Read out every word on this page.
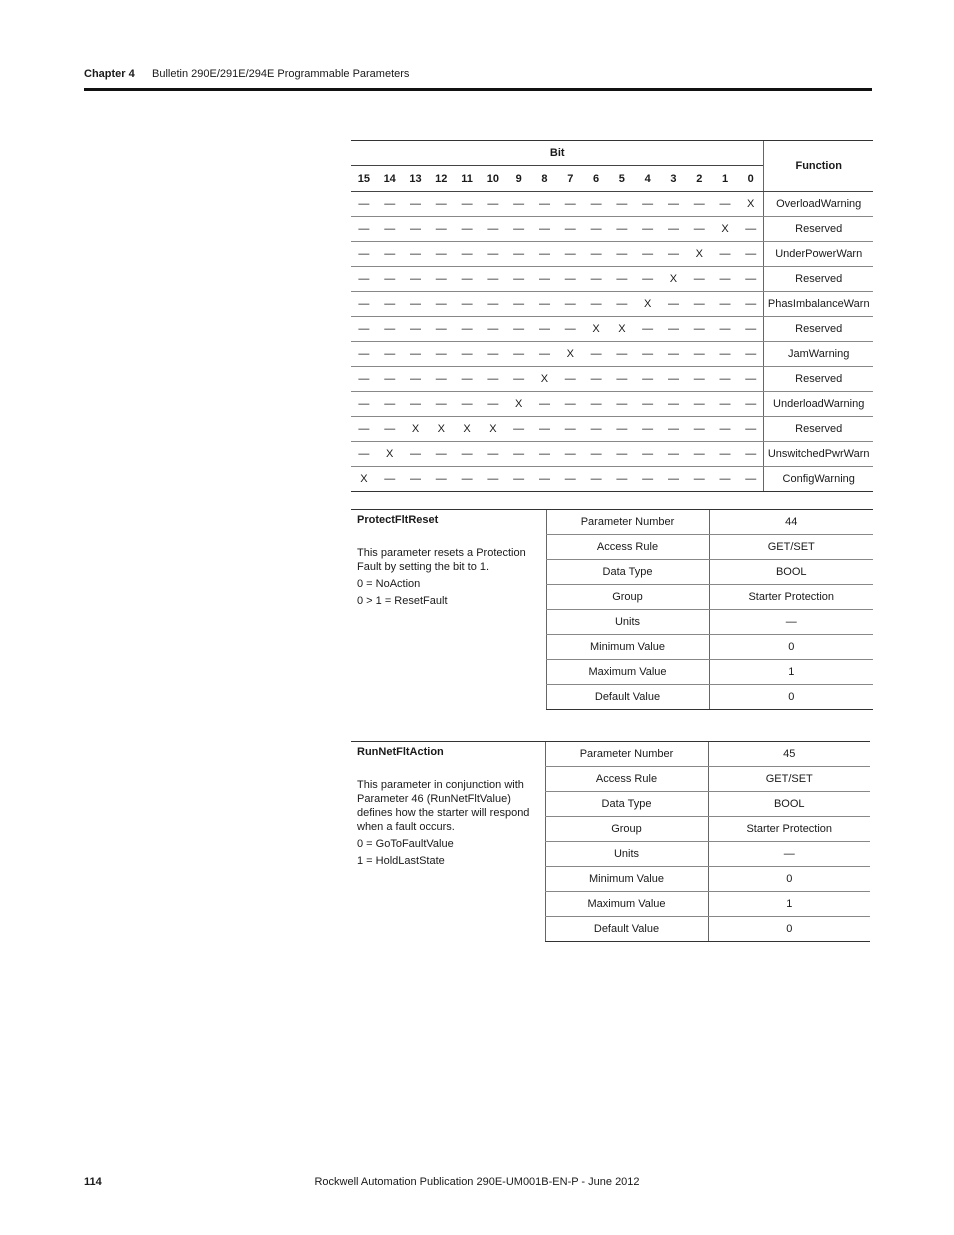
Chapter 4 Bulletin 290E/291E/294E Programmable Parameters
Bit																Function
15	14	13	12	11	10	9	8	7	6	5	4	3	2	1	0	
—	—	—	—	—	—	—	—	—	—	—	—	—	—	—	X	OverloadWarning
—	—	—	—	—	—	—	—	—	—	—	—	—	—	X	—	Reserved
—	—	—	—	—	—	—	—	—	—	—	—	—	X	—	—	UnderPowerWarn
—	—	—	—	—	—	—	—	—	—	—	—	X	—	—	—	Reserved
—	—	—	—	—	—	—	—	—	—	—	X	—	—	—	—	PhasImbalanceWarn
—	—	—	—	—	—	—	—	—	X	X	—	—	—	—	—	Reserved
—	—	—	—	—	—	—	—	X	—	—	—	—	—	—	—	JamWarning
—	—	—	—	—	—	—	X	—	—	—	—	—	—	—	—	Reserved
—	—	—	—	—	—	X	—	—	—	—	—	—	—	—	—	UnderloadWarning
—	—	X	X	X	X	—	—	—	—	—	—	—	—	—	—	Reserved
—	X	—	—	—	—	—	—	—	—	—	—	—	—	—	—	UnswitchedPwrWarn
X	—	—	—	—	—	—	—	—	—	—	—	—	—	—	—	ConfigWarning
ProtectFltReset
This parameter resets a Protection Fault by setting the bit to 1.
0 = NoAction
0 > 1 = ResetFault	Parameter Number	44
	Access Rule	GET/SET
	Data Type	BOOL
	Group	Starter Protection
	Units	—
	Minimum Value	0
	Maximum Value	1
	Default Value	0
RunNetFltAction
This parameter in conjunction with Parameter 46 (RunNetFltValue) defines how the starter will respond when a fault occurs.
0 = GoToFaultValue
1 = HoldLastState	Parameter Number	45
	Access Rule	GET/SET
	Data Type	BOOL
	Group	Starter Protection
	Units	—
	Minimum Value	0
	Maximum Value	1
	Default Value	0
114	Rockwell Automation Publication 290E-UM001B-EN-P - June 2012
